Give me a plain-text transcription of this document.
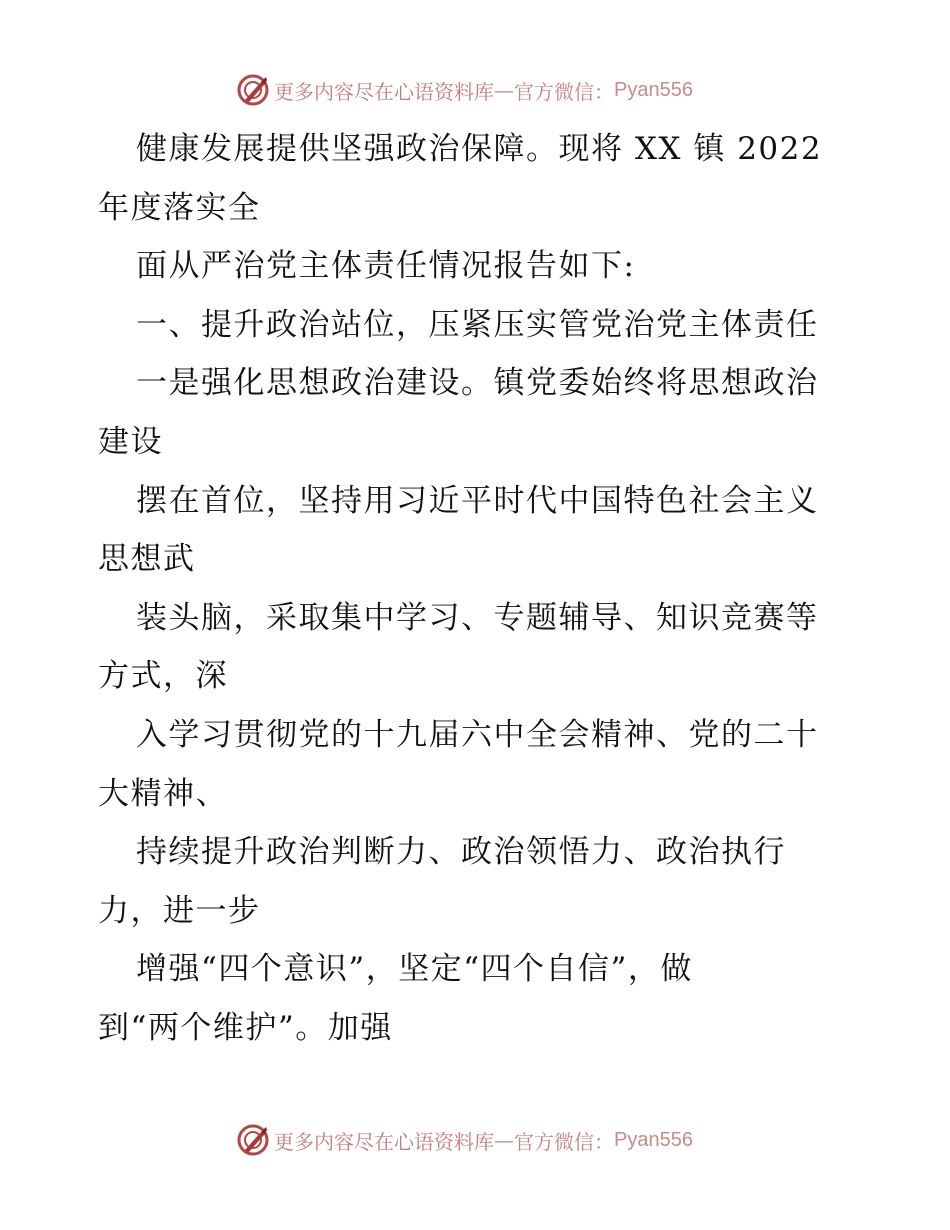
更多内容尽在心语资料库 — 官方微信： Pyan556
健康发展提供坚强政治保障。现将 XX 镇 2022
年度落实全
面从严治党主体责任情况报告如下:
一、提升政治站位，压紧压实管党治党主体责任
一是强化思想政治建设。镇党委始终将思想政治
建设
摆在首位，坚持用习近平时代中国特色社会主义
思想武
装头脑，采取集中学习、专题辅导、知识竞赛等
方式，深
入学习贯彻党的十九届六中全会精神、党的二十
大精神、
持续提升政治判断力、政治领悟力、政治执行
力，进一步
增强“四个意识”，坚定“四个自信”，做
到“两个维护”。加强
更多内容尽在心语资料库 — 官方微信： Pyan556
